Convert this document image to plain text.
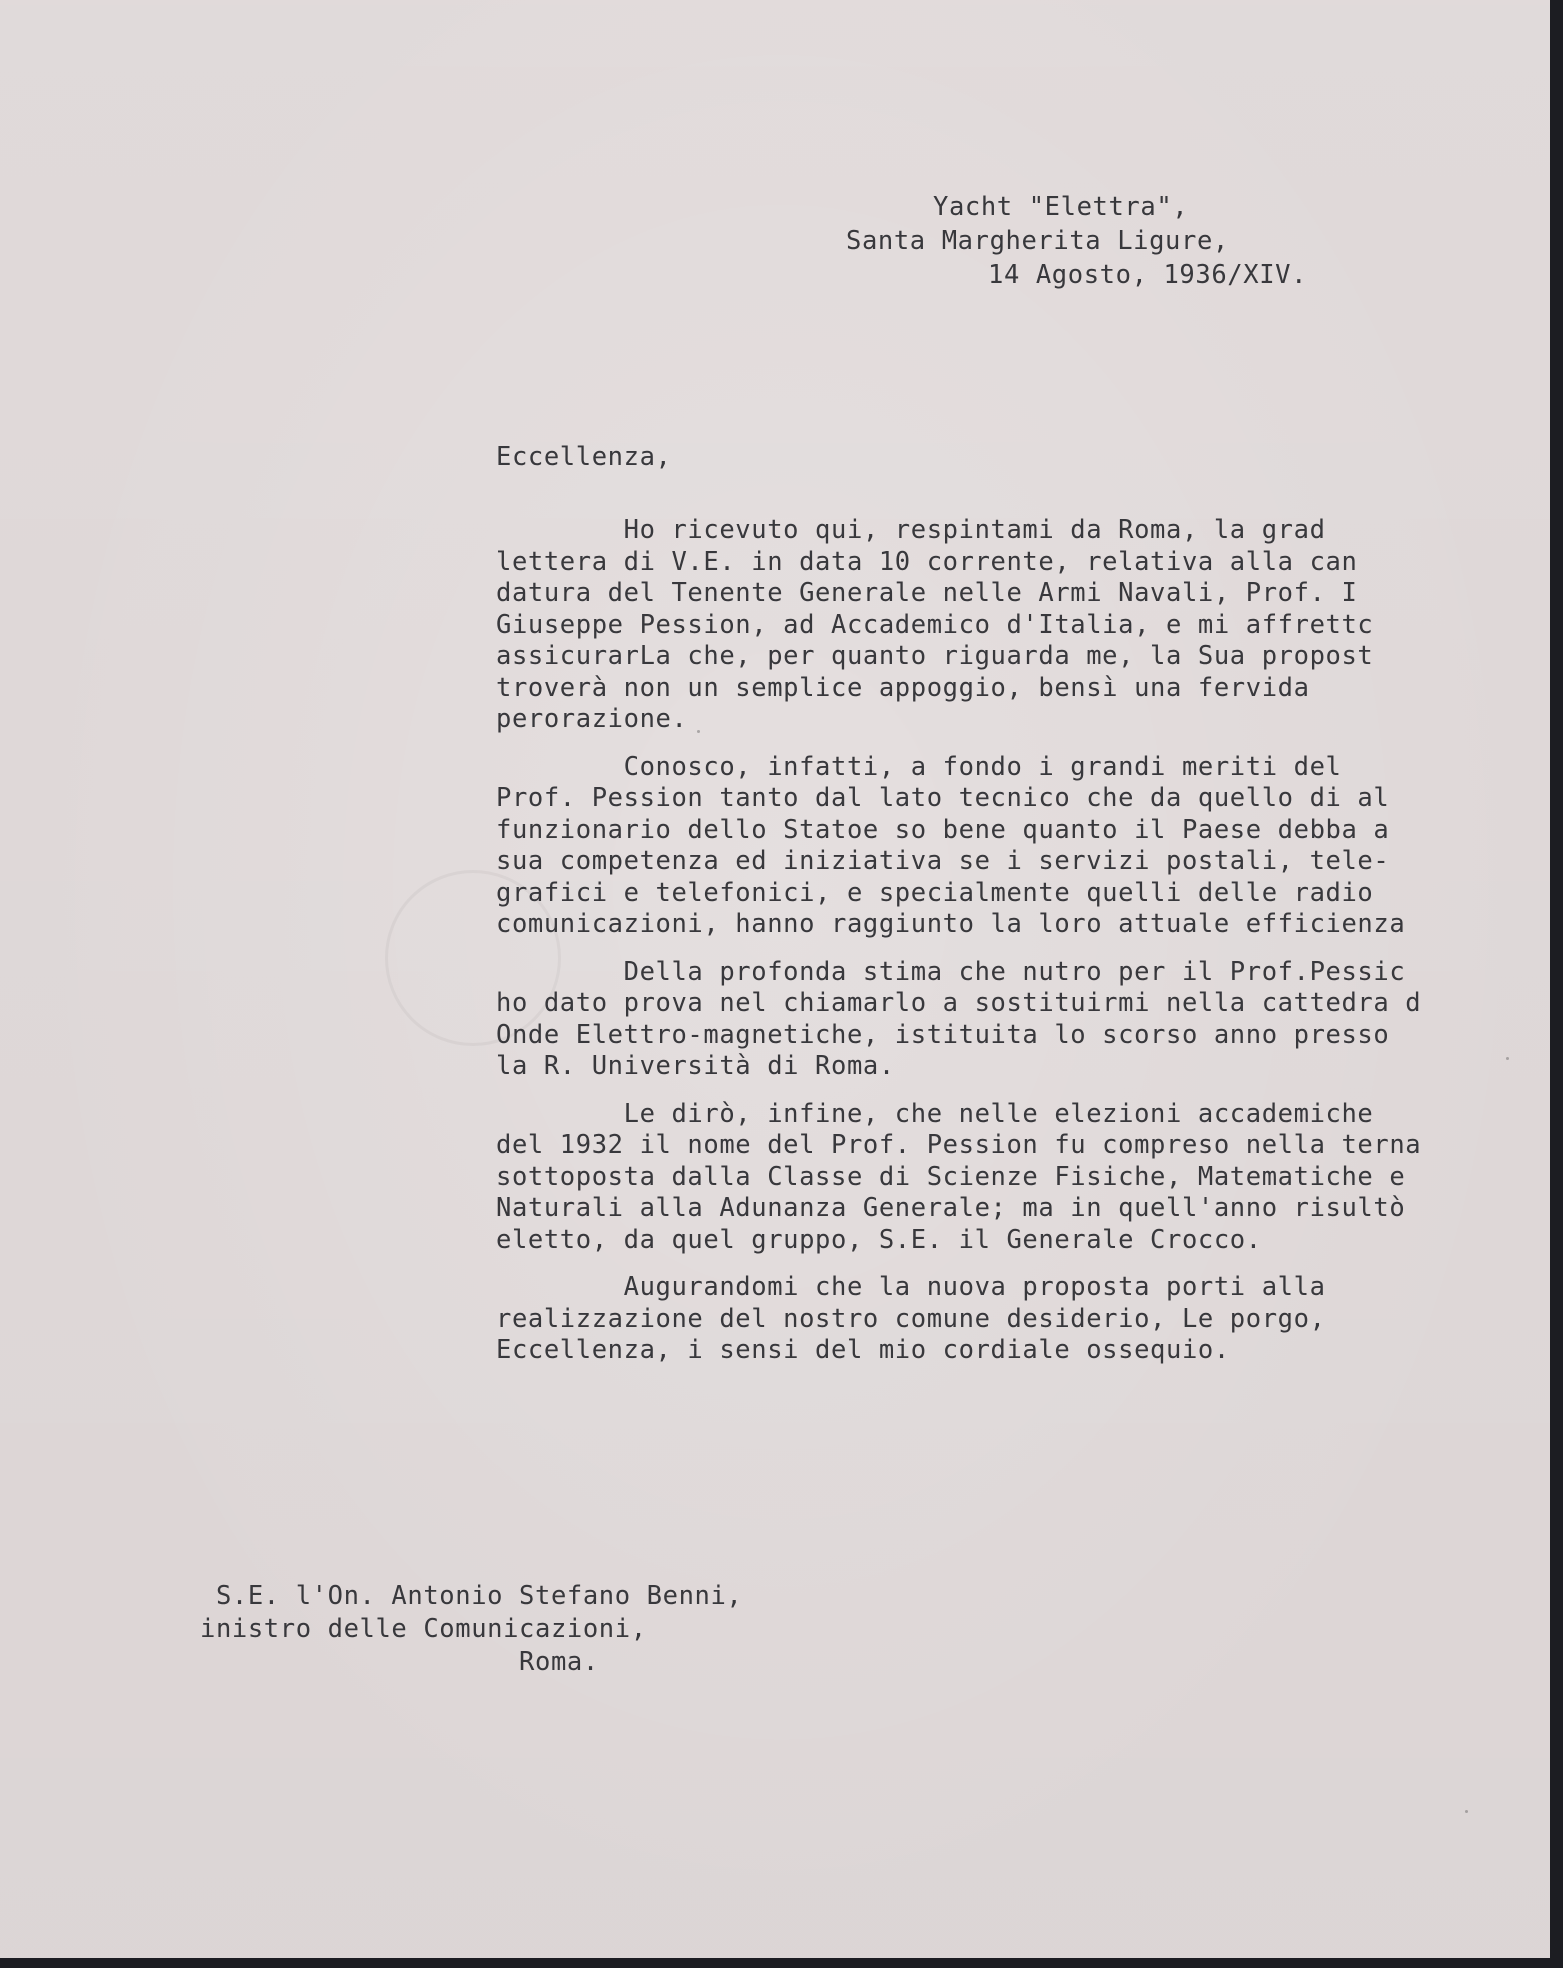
Yacht "Elettra",

Santa Margherita Ligure,

14 Agosto, 1936/XIV.

Eccellenza,

Ho ricevuto qui, respintami da Roma, la grad
lettera di V.E. in data 10 corrente, relativa alla can
datura del Tenente Generale nelle Armi Navali, Prof. I
Giuseppe Pession, ad Accademico d'Italia, e mi affrettc
assicurarLa che, per quanto riguarda me, la Sua propost
troverà non un semplice appoggio, bensì una fervida
perorazione.
Conosco, infatti, a fondo i grandi meriti del
Prof. Pession tanto dal lato tecnico che da quello di al
funzionario dello Statoe so bene quanto il Paese debba a
sua competenza ed iniziativa se i servizi postali, tele-
grafici e telefonici, e specialmente quelli delle radio
comunicazioni, hanno raggiunto la loro attuale efficienza
Della profonda stima che nutro per il Prof.Pessic
ho dato prova nel chiamarlo a sostituirmi nella cattedra d
Onde Elettro-magnetiche, istituita lo scorso anno presso
la R. Università di Roma.
Le dirò, infine, che nelle elezioni accademiche
del 1932 il nome del Prof. Pession fu compreso nella terna
sottoposta dalla Classe di Scienze Fisiche, Matematiche e
Naturali alla Adunanza Generale; ma in quell'anno risultò
eletto, da quel gruppo, S.E. il Generale Crocco.
Augurandomi che la nuova proposta porti alla
realizzazione del nostro comune desiderio, Le porgo,
Eccellenza, i sensi del mio cordiale ossequio.
S.E. l'On. Antonio Stefano Benni,
inistro delle Comunicazioni,
Roma.
